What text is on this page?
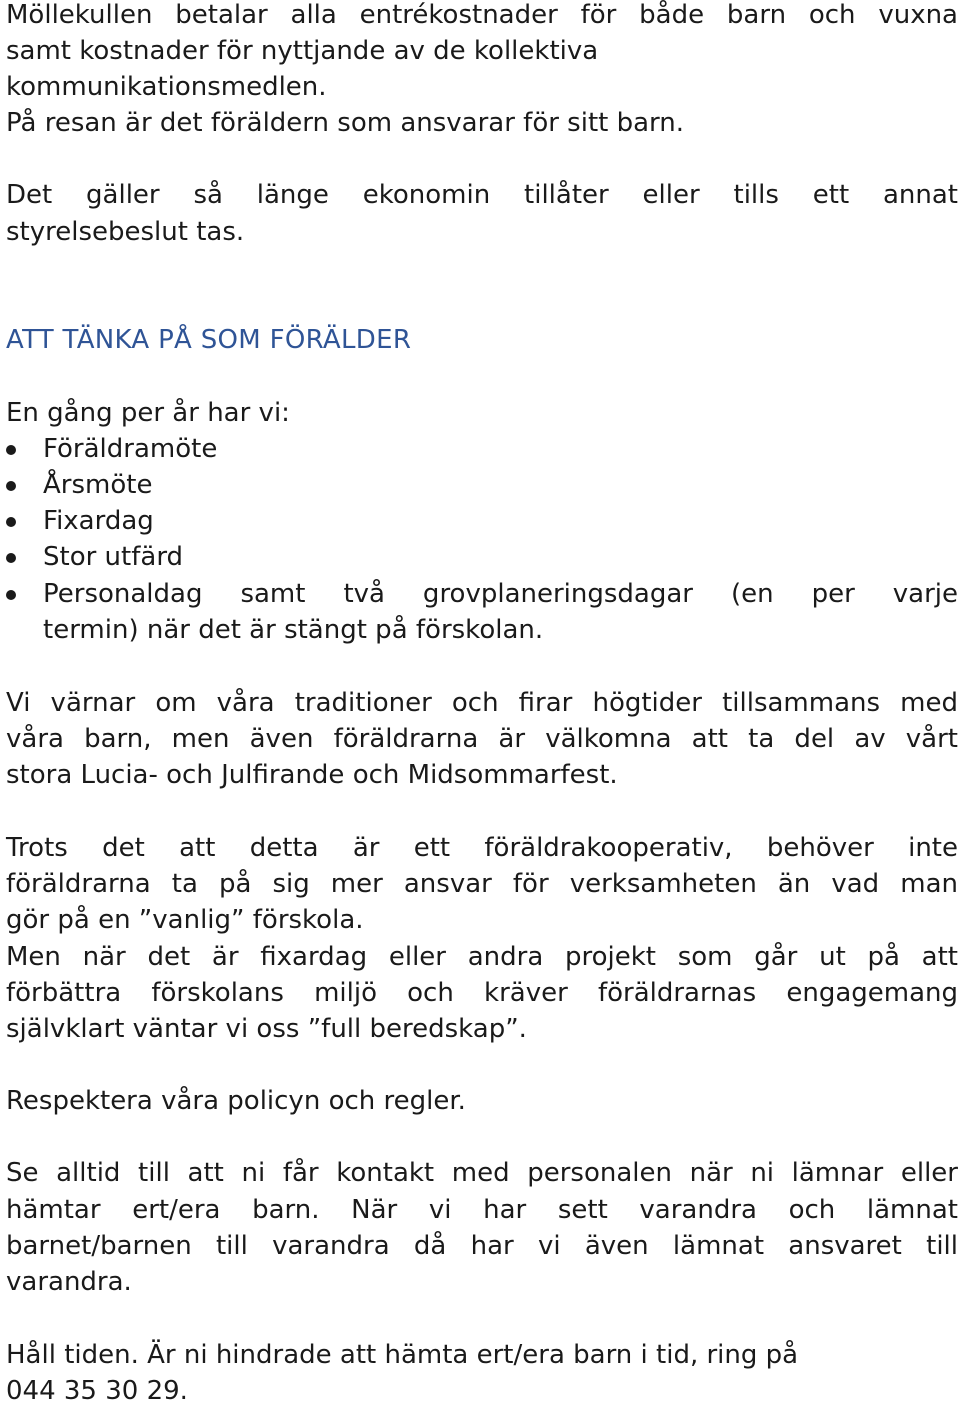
Möllekullen betalar alla entrékostnader för både barn och vuxna
samt kostnader för nyttjande av de kollektiva
kommunikationsmedlen.
På resan är det föräldern som ansvarar för sitt barn.
Det gäller så länge ekonomin tillåter eller tills ett annat
styrelsebeslut tas.
ATT TÄNKA PÅ SOM FÖRÄLDER
En gång per år har vi:
Föräldramöte
Årsmöte
Fixardag
Stor utfärd
Personaldag samt två grovplaneringsdagar (en per varje
termin) när det är stängt på förskolan.
Vi värnar om våra traditioner och firar högtider tillsammans med
våra barn, men även föräldrarna är välkomna att ta del av vårt
stora Lucia- och Julfirande och Midsommarfest.
Trots det att detta är ett föräldrakooperativ, behöver inte
föräldrarna ta på sig mer ansvar för verksamheten än vad man
gör på en ”vanlig” förskola.
Men när det är fixardag eller andra projekt som går ut på att
förbättra förskolans miljö och kräver föräldrarnas engagemang
självklart väntar vi oss ”full beredskap”.
Respektera våra policyn och regler.
Se alltid till att ni får kontakt med personalen när ni lämnar eller
hämtar ert/era barn. När vi har sett varandra och lämnat
barnet/barnen till varandra då har vi även lämnat ansvaret till
varandra.
Håll tiden. Är ni hindrade att hämta ert/era barn i tid, ring på
044 35 30 29.
